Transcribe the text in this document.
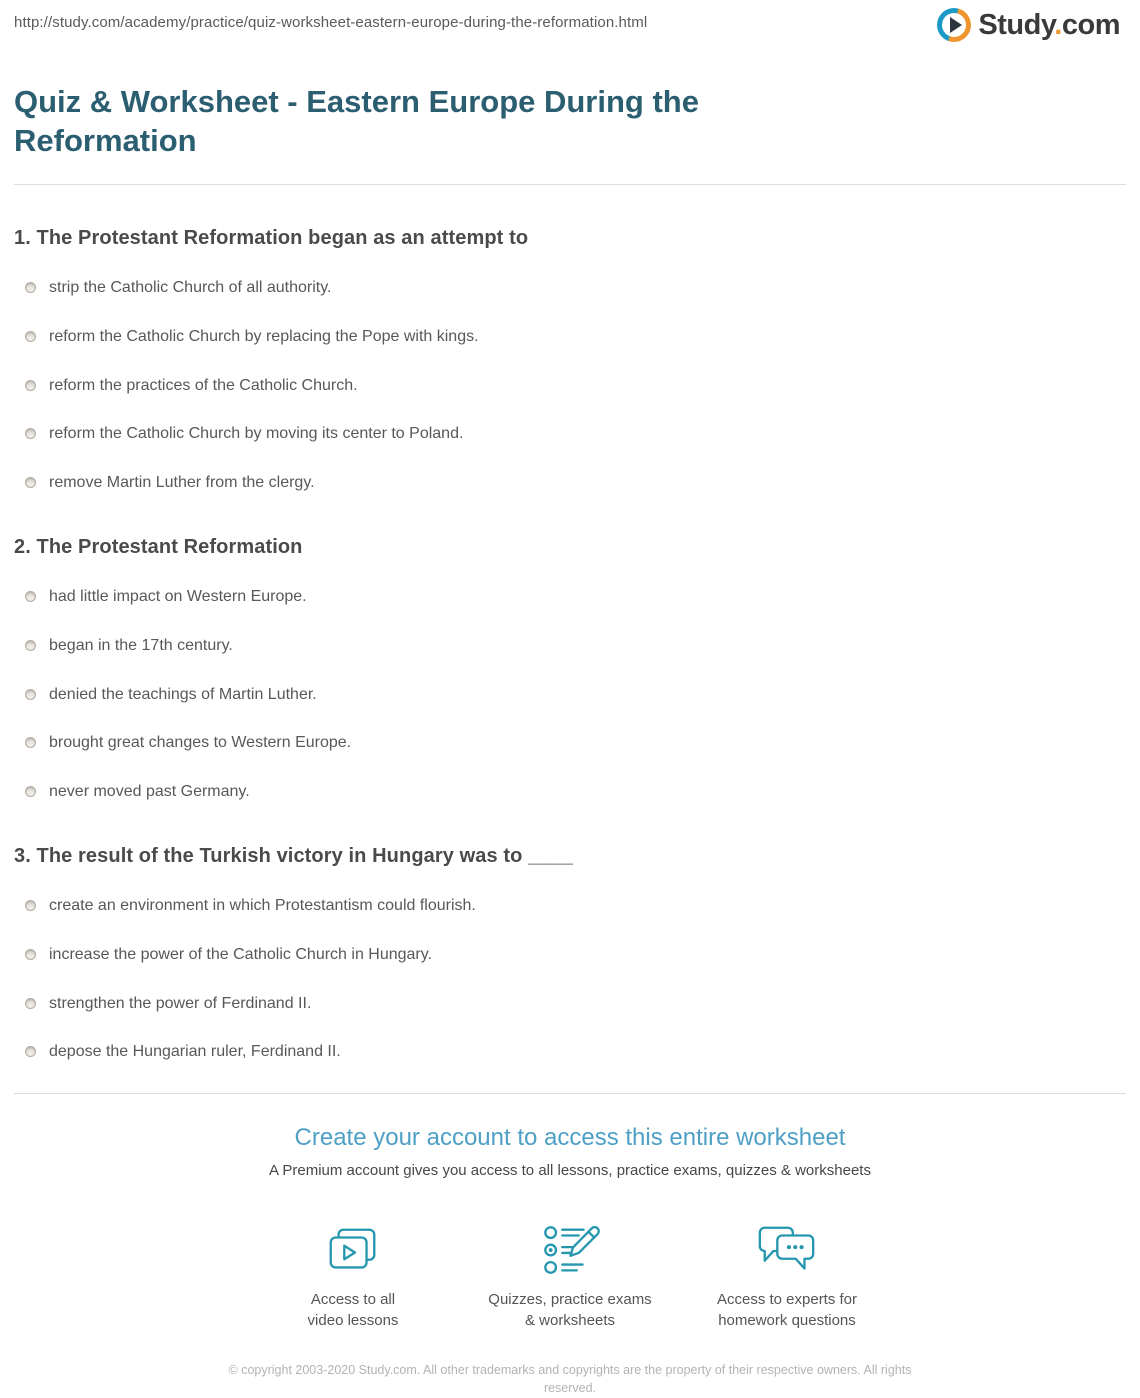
http://study.com/academy/practice/quiz-worksheet-eastern-europe-during-the-reformation.html	Study.com
Quiz & Worksheet - Eastern Europe During the Reformation
1. The Protestant Reformation began as an attempt to
strip the Catholic Church of all authority.
reform the Catholic Church by replacing the Pope with kings.
reform the practices of the Catholic Church.
reform the Catholic Church by moving its center to Poland.
remove Martin Luther from the clergy.
2. The Protestant Reformation
had little impact on Western Europe.
began in the 17th century.
denied the teachings of Martin Luther.
brought great changes to Western Europe.
never moved past Germany.
3. The result of the Turkish victory in Hungary was to ____
create an environment in which Protestantism could flourish.
increase the power of the Catholic Church in Hungary.
strengthen the power of Ferdinand II.
depose the Hungarian ruler, Ferdinand II.
Create your account to access this entire worksheet
A Premium account gives you access to all lessons, practice exams, quizzes & worksheets
Access to all
video lessons
Quizzes, practice exams
& worksheets
Access to experts for
homework questions
© copyright 2003-2020 Study.com. All other trademarks and copyrights are the property of their respective owners. All rights reserved.
